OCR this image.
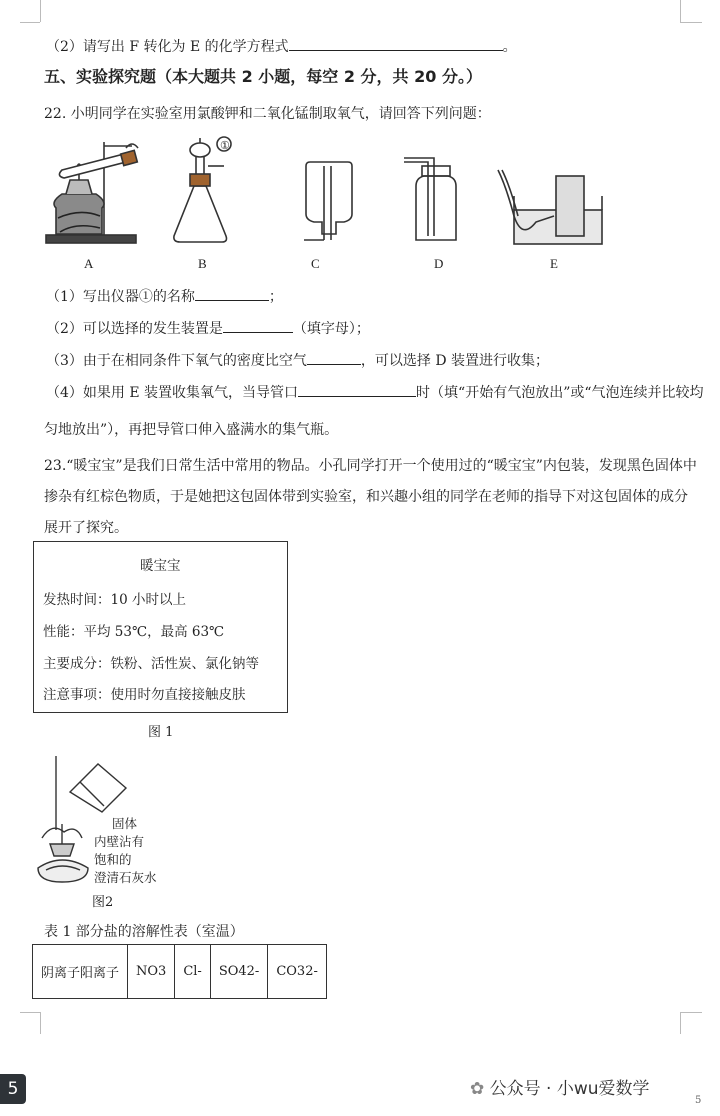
（2）请写出 F 转化为 E 的化学方程式	。
五、实验探究题（本大题共 2 小题，每空 2 分，共 20 分。）
22. 小明同学在实验室用氯酸钾和二氧化锰制取氧气，请回答下列问题：
①
A	B	C	D	E
（1）写出仪器①的名称	；
（2）可以选择的发生装置是	（填字母）；
（3）由于在相同条件下氧气的密度比空气	，可以选择 D 装置进行收集；
（4）如果用 E 装置收集氧气，当导管口	时（填“开始有气泡放出”或“气泡连续并比较均
匀地放出”），再把导管口伸入盛满水的集气瓶。
23.“暖宝宝”是我们日常生活中常用的物品。小孔同学打开一个使用过的“暖宝宝”内包装，发现黑色固体中
掺杂有红棕色物质，于是她把这包固体带到实验室，和兴趣小组的同学在老师的指导下对这包固体的成分
展开了探究。
暖宝宝
发热时间：10 小时以上
性能：平均 53℃，最高 63℃
主要成分：铁粉、活性炭、氯化钠等
注意事项：使用时勿直接接触皮肤
图 1
固体
内壁沾有
饱和的
澄清石灰水
图2
表 1 部分盐的溶解性表（室温）
阴离子阳离子	NO3	Cl-	SO42-	CO32-
5	✿ 公众号 · 小wu爱数学
5
